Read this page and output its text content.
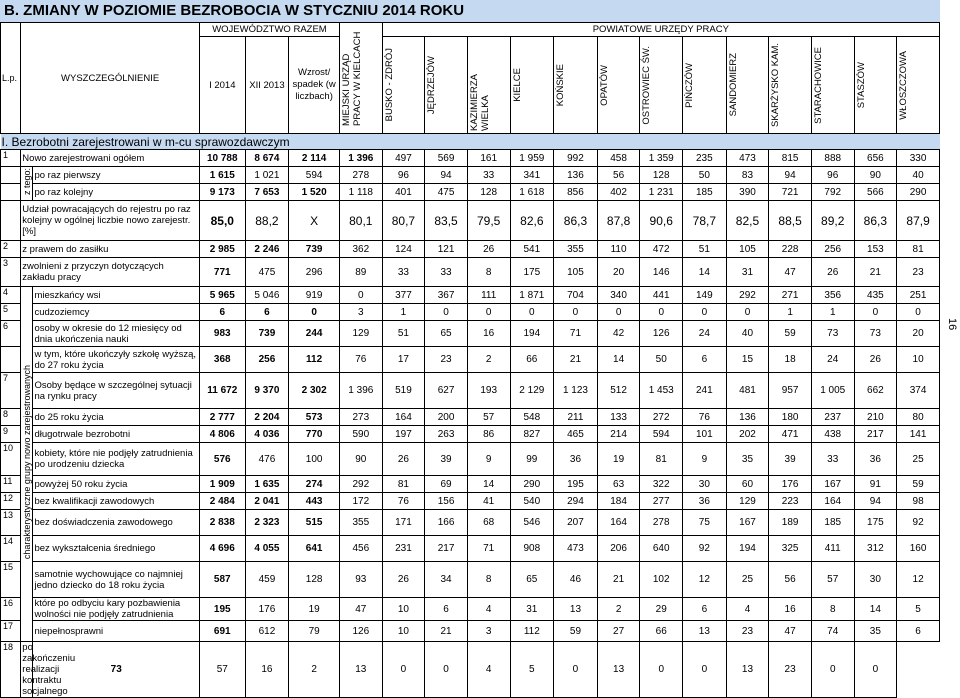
B. ZMIANY W POZIOMIE BEZROBOCIA W STYCZNIU 2014 ROKU
16
L.p.	WYSZCZEGÓLNIENIE		WOJEWÓDZTWO RAZEM			MIEJSKI URZĄD PRACY W KIELCACH	POWIATOWE URZĘDY PRACY												
			I 2014	XII 2013	Wzrost/ spadek (w liczbach)		BUSKO - ZDRÓJ	JĘDRZEJÓW	KAZIMIERZA WIELKA	KIELCE	KOŃSKIE	OPATÓW	OSTROWIEC ŚW.	PIŃCZÓW	SANDOMIERZ	SKARŻYSKO KAM.	STARACHOWICE	STASZÓW	WŁOSZCZOWA

I. Bezrobotni zarejestrowani w m-cu sprawozdawczym																			
1	Nowo zarejestrowani ogółem		10 788	8 674	2 114	1 396	497	569	161	1 959	992	458	1 359	235	473	815	888	656	330
	z tego:	po raz pierwszy	1 615	1 021	594	278	96	94	33	341	136	56	128	50	83	94	96	90	40
		po raz kolejny	9 173	7 653	1 520	1 118	401	475	128	1 618	856	402	1 231	185	390	721	792	566	290
	Udział powracających do rejestru po raz kolejny w ogólnej liczbie nowo zarejestr.[%]		85,0	88,2	X	80,1	80,7	83,5	79,5	82,6	86,3	87,8	90,6	78,7	82,5	88,5	89,2	86,3	87,9
2	z prawem do zasiłku		2 985	2 246	739	362	124	121	26	541	355	110	472	51	105	228	256	153	81
3	zwolnieni z przyczyn dotyczących zakładu pracy		771	475	296	89	33	33	8	175	105	20	146	14	31	47	26	21	23
4	charakterystyczne grupy nowo zarejestrowanych	mieszkańcy wsi	5 965	5 046	919	0	377	367	111	1 871	704	340	441	149	292	271	356	435	251
5		cudzoziemcy	6	6	0	3	1	0	0	0	0	0	0	0	0	1	1	0	0
6		osoby w okresie do 12 miesięcy od dnia ukończenia nauki	983	739	244	129	51	65	16	194	71	42	126	24	40	59	73	73	20
		w tym, które ukończyły szkołę wyższą, do 27 roku życia	368	256	112	76	17	23	2	66	21	14	50	6	15	18	24	26	10
7		Osoby będące w szczególnej sytuacji na rynku pracy	11 672	9 370	2 302	1 396	519	627	193	2 129	1 123	512	1 453	241	481	957	1 005	662	374
8		do 25 roku życia	2 777	2 204	573	273	164	200	57	548	211	133	272	76	136	180	237	210	80
9		długotrwale bezrobotni	4 806	4 036	770	590	197	263	86	827	465	214	594	101	202	471	438	217	141
10		kobiety, które nie podjęły zatrudnienia po urodzeniu dziecka	576	476	100	90	26	39	9	99	36	19	81	9	35	39	33	36	25
11		powyżej 50 roku życia	1 909	1 635	274	292	81	69	14	290	195	63	322	30	60	176	167	91	59
12		bez kwalifikacji zawodowych	2 484	2 041	443	172	76	156	41	540	294	184	277	36	129	223	164	94	98
13		bez doświadczenia zawodowego	2 838	2 323	515	355	171	166	68	546	207	164	278	75	167	189	185	175	92
14		bez wykształcenia średniego	4 696	4 055	641	456	231	217	71	908	473	206	640	92	194	325	411	312	160
15		samotnie wychowujące co najmniej jedno dziecko do 18 roku życia	587	459	128	93	26	34	8	65	46	21	102	12	25	56	57	30	12
16		które po odbyciu kary pozbawienia wolności nie podjęły zatrudnienia	195	176	19	47	10	6	4	31	13	2	29	6	4	16	8	14	5
17		niepełnosprawni	691	612	79	126	10	21	3	112	59	27	66	13	23	47	74	35	6
18	po zakończeniu realizacji kontraktu socjalnego	73	57	16	2	13	0	0	4	5	0	13	0	0	13	23	0	0	
